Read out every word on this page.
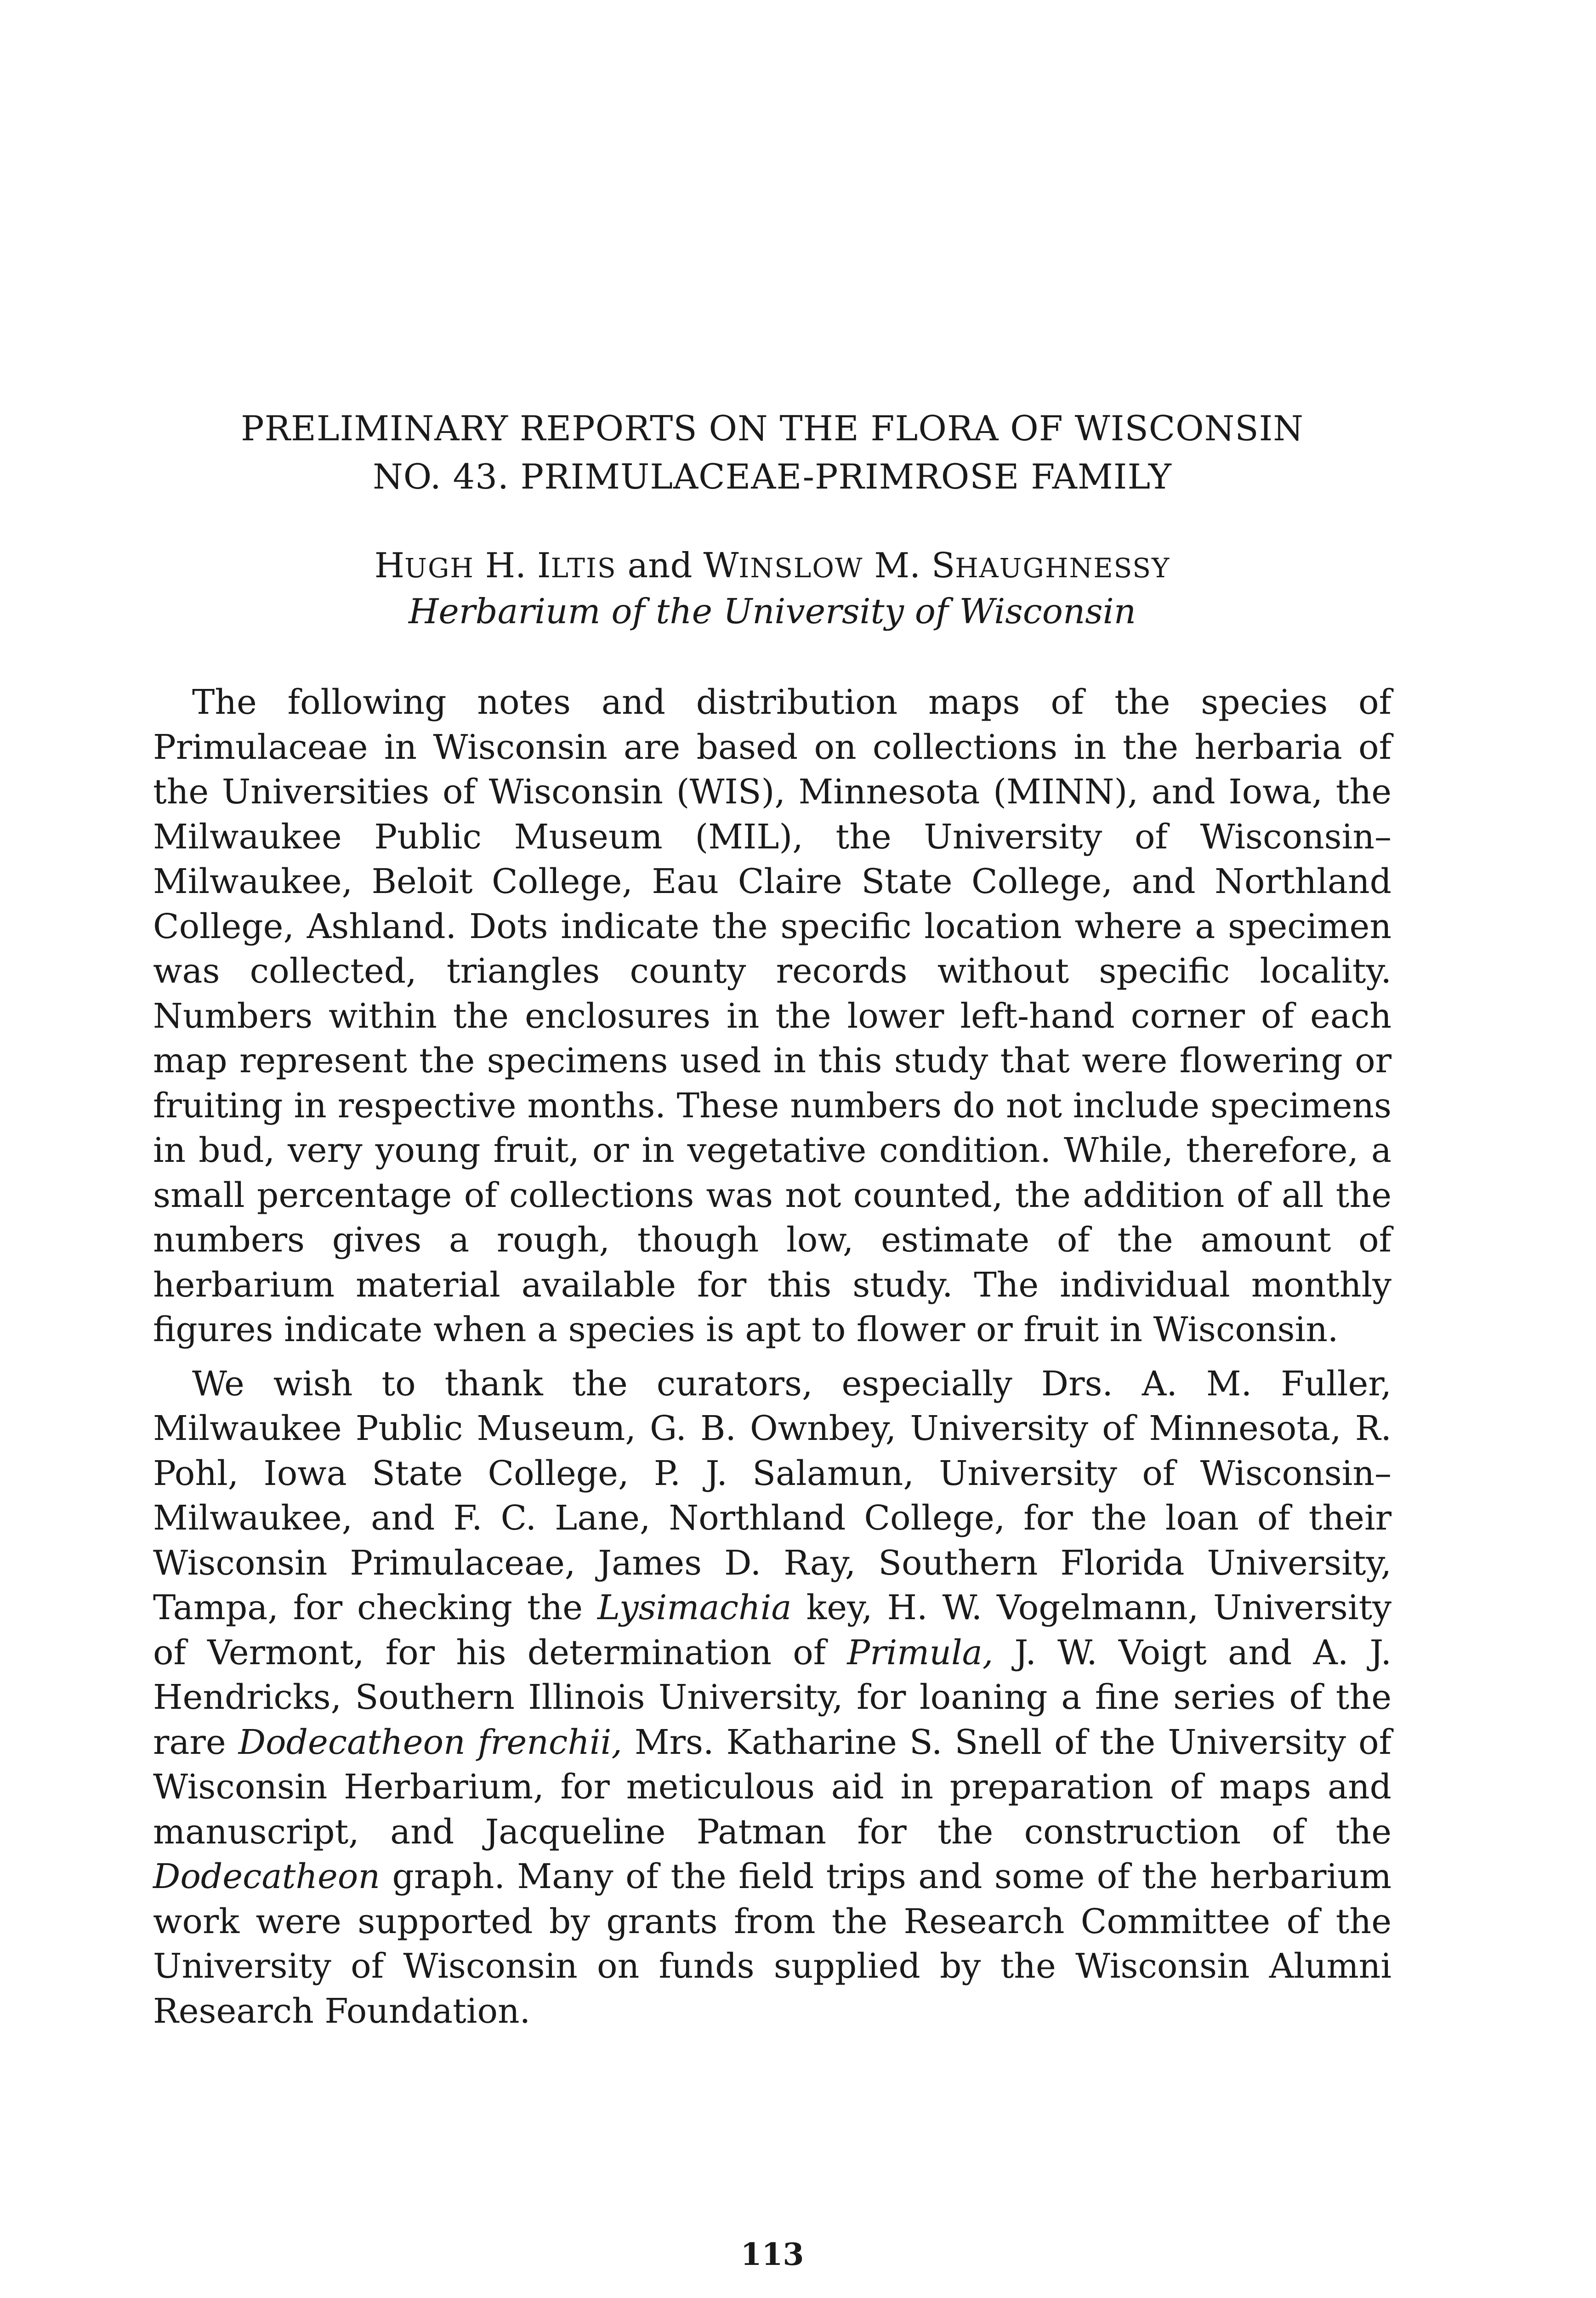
PRELIMINARY REPORTS ON THE FLORA OF WISCONSIN
NO. 43. PRIMULACEAE-PRIMROSE FAMILY
HUGH H. ILTIS and WINSLOW M. SHAUGHNESSY
Herbarium of the University of Wisconsin

The following notes and distribution maps of the species of Primulaceae in Wisconsin are based on collections in the herbaria of the Universities of Wisconsin (WIS), Minnesota (MINN), and Iowa, the Milwaukee Public Museum (MIL), the University of Wisconsin–Milwaukee, Beloit College, Eau Claire State College, and Northland College, Ashland. Dots indicate the specific location where a specimen was collected, triangles county records without specific locality. Numbers within the enclosures in the lower left-hand corner of each map represent the specimens used in this study that were flowering or fruiting in respective months. These numbers do not include specimens in bud, very young fruit, or in vegetative condition. While, therefore, a small percentage of collections was not counted, the addition of all the numbers gives a rough, though low, estimate of the amount of herbarium material available for this study. The individual monthly figures indicate when a species is apt to flower or fruit in Wisconsin.

We wish to thank the curators, especially Drs. A. M. Fuller, Milwaukee Public Museum, G. B. Ownbey, University of Minnesota, R. Pohl, Iowa State College, P. J. Salamun, University of Wisconsin–Milwaukee, and F. C. Lane, Northland College, for the loan of their Wisconsin Primulaceae, James D. Ray, Southern Florida University, Tampa, for checking the Lysimachia key, H. W. Vogelmann, University of Vermont, for his determination of Primula, J. W. Voigt and A. J. Hendricks, Southern Illinois University, for loaning a fine series of the rare Dodecatheon frenchii, Mrs. Katharine S. Snell of the University of Wisconsin Herbarium, for meticulous aid in preparation of maps and manuscript, and Jacqueline Patman for the construction of the Dodecatheon graph. Many of the field trips and some of the herbarium work were supported by grants from the Research Committee of the University of Wisconsin on funds supplied by the Wisconsin Alumni Research Foundation.

113
